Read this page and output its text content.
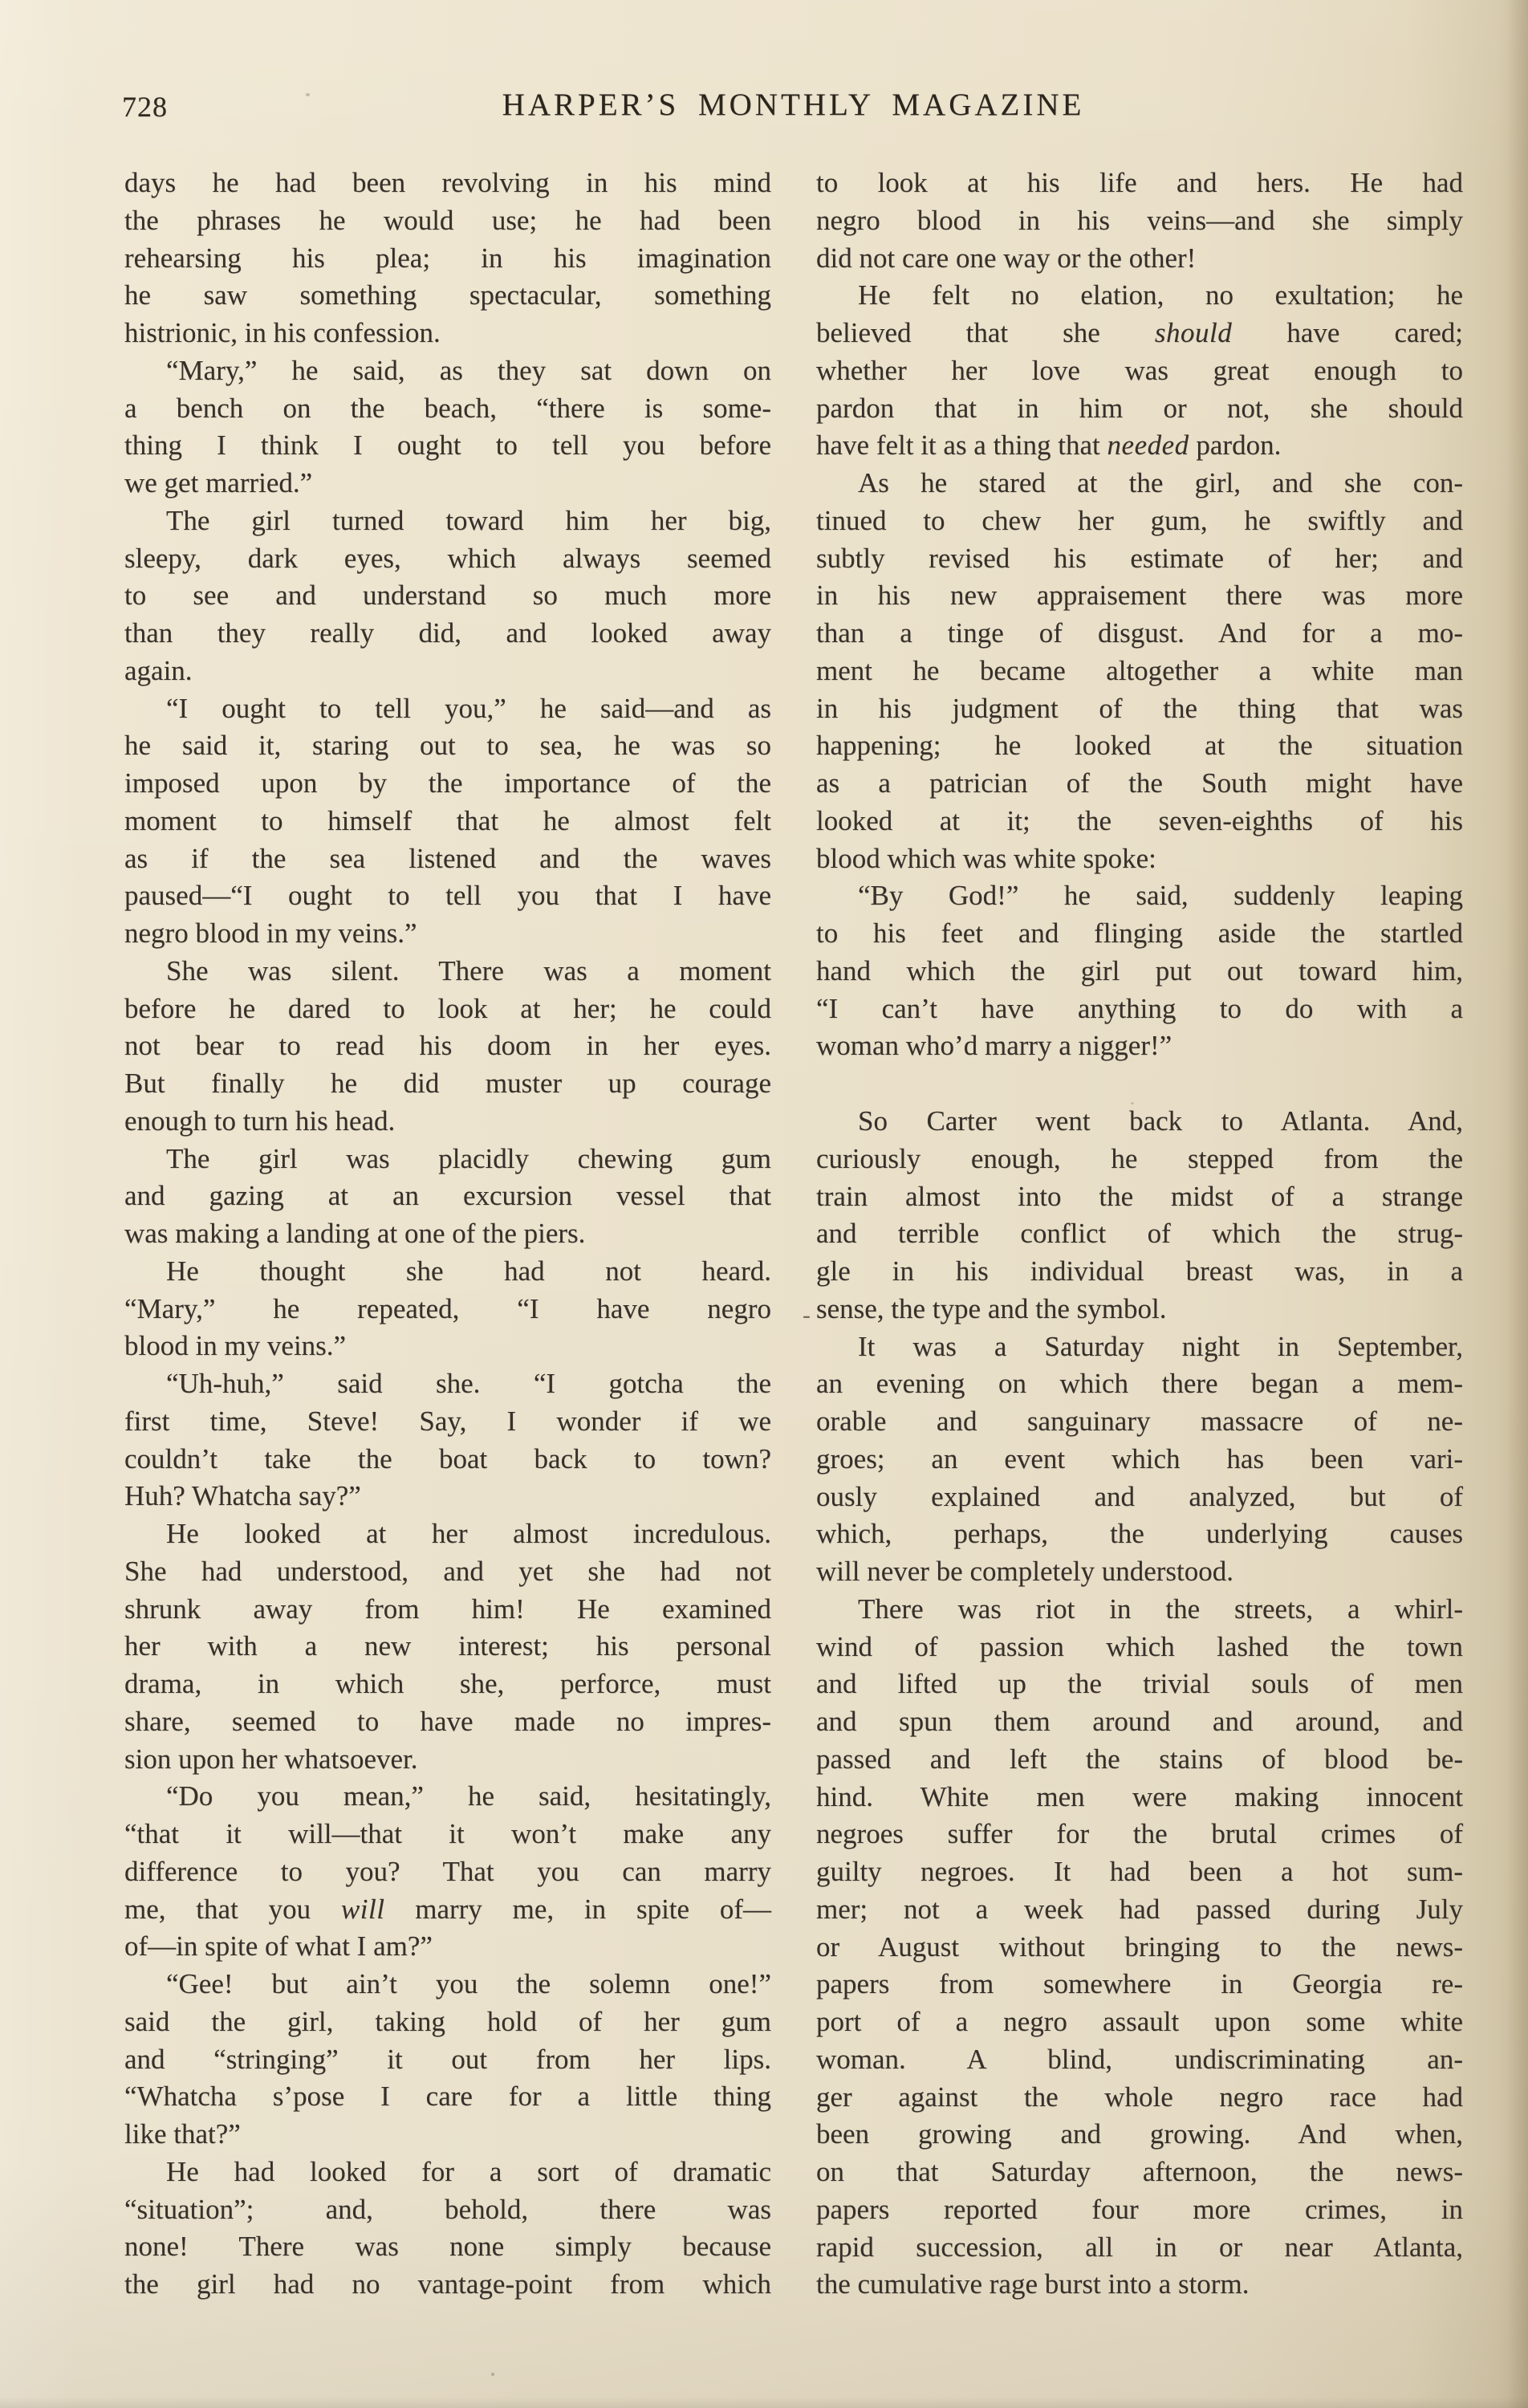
728	HARPER’S MONTHLY MAGAZINE
days he had been revolving in his mind
the phrases he would use; he had been
rehearsing his plea; in his imagination
he saw something spectacular, something
histrionic, in his confession.
“Mary,” he said, as they sat down on
a bench on the beach, “there is some-
thing I think I ought to tell you before
we get married.”
The girl turned toward him her big,
sleepy, dark eyes, which always seemed
to see and understand so much more
than they really did, and looked away
again.
“I ought to tell you,” he said—and as
he said it, staring out to sea, he was so
imposed upon by the importance of the
moment to himself that he almost felt
as if the sea listened and the waves
paused—“I ought to tell you that I have
negro blood in my veins.”
She was silent. There was a moment
before he dared to look at her; he could
not bear to read his doom in her eyes.
But finally he did muster up courage
enough to turn his head.
The girl was placidly chewing gum
and gazing at an excursion vessel that
was making a landing at one of the piers.
He thought she had not heard.
“Mary,” he repeated, “I have negro
blood in my veins.”
“Uh-huh,” said she. “I gotcha the
first time, Steve! Say, I wonder if we
couldn’t take the boat back to town?
Huh? Whatcha say?”
He looked at her almost incredulous.
She had understood, and yet she had not
shrunk away from him! He examined
her with a new interest; his personal
drama, in which she, perforce, must
share, seemed to have made no impres-
sion upon her whatsoever.
“Do you mean,” he said, hesitatingly,
“that it will—that it won’t make any
difference to you? That you can marry
me, that you will marry me, in spite of—
of—in spite of what I am?”
“Gee! but ain’t you the solemn one!”
said the girl, taking hold of her gum
and “stringing” it out from her lips.
“Whatcha s’pose I care for a little thing
like that?”
He had looked for a sort of dramatic
“situation”; and, behold, there was
none! There was none simply because
the girl had no vantage-point from which
to look at his life and hers. He had
negro blood in his veins—and she simply
did not care one way or the other!
He felt no elation, no exultation; he
believed that she should have cared;
whether her love was great enough to
pardon that in him or not, she should
have felt it as a thing that needed pardon.
As he stared at the girl, and she con-
tinued to chew her gum, he swiftly and
subtly revised his estimate of her; and
in his new appraisement there was more
than a tinge of disgust. And for a mo-
ment he became altogether a white man
in his judgment of the thing that was
happening; he looked at the situation
as a patrician of the South might have
looked at it; the seven-eighths of his
blood which was white spoke:
“By God!” he said, suddenly leaping
to his feet and flinging aside the startled
hand which the girl put out toward him,
“I can’t have anything to do with a
woman who’d marry a nigger!”
So Carter went back to Atlanta. And,
curiously enough, he stepped from the
train almost into the midst of a strange
and terrible conflict of which the strug-
gle in his individual breast was, in a
sense, the type and the symbol.
It was a Saturday night in September,
an evening on which there began a mem-
orable and sanguinary massacre of ne-
groes; an event which has been vari-
ously explained and analyzed, but of
which, perhaps, the underlying causes
will never be completely understood.
There was riot in the streets, a whirl-
wind of passion which lashed the town
and lifted up the trivial souls of men
and spun them around and around, and
passed and left the stains of blood be-
hind. White men were making innocent
negroes suffer for the brutal crimes of
guilty negroes. It had been a hot sum-
mer; not a week had passed during July
or August without bringing to the news-
papers from somewhere in Georgia re-
port of a negro assault upon some white
woman. A blind, undiscriminating an-
ger against the whole negro race had
been growing and growing. And when,
on that Saturday afternoon, the news-
papers reported four more crimes, in
rapid succession, all in or near Atlanta,
the cumulative rage burst into a storm.
-
